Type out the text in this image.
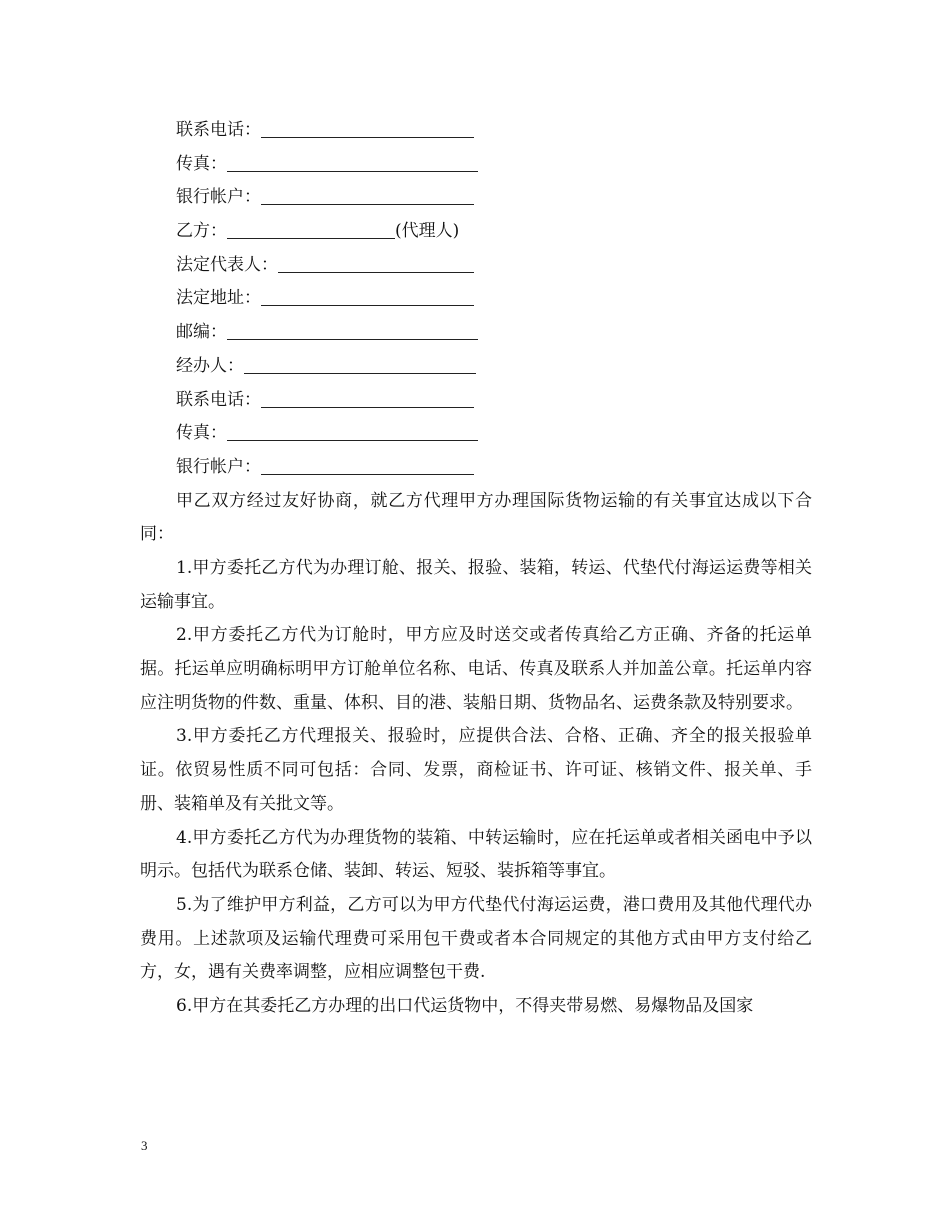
联系电话：
传真：
银行帐户：
乙方：	(代理人)
法定代表人：
法定地址：
邮编：
经办人：
联系电话：
传真：
银行帐户：

甲乙双方经过友好协商，就乙方代理甲方办理国际货物运输的有关事宜达成以下合同：

1.甲方委托乙方代为办理订舱、报关、报验、装箱，转运、代垫代付海运运费等相关运输事宜。

2.甲方委托乙方代为订舱时，甲方应及时送交或者传真给乙方正确、齐备的托运单据。托运单应明确标明甲方订舱单位名称、电话、传真及联系人并加盖公章。托运单内容应注明货物的件数、重量、体积、目的港、装船日期、货物品名、运费条款及特别要求。

3.甲方委托乙方代理报关、报验时，应提供合法、合格、正确、齐全的报关报验单证。依贸易性质不同可包括：合同、发票，商检证书、许可证、核销文件、报关单、手册、装箱单及有关批文等。

4.甲方委托乙方代为办理货物的装箱、中转运输时，应在托运单或者相关函电中予以明示。包括代为联系仓储、装卸、转运、短驳、装拆箱等事宜。

5.为了维护甲方利益，乙方可以为甲方代垫代付海运运费，港口费用及其他代理代办费用。上述款项及运输代理费可采用包干费或者本合同规定的其他方式由甲方支付给乙方，女，遇有关费率调整，应相应调整包干费.

6.甲方在其委托乙方办理的出口代运货物中，不得夹带易燃、易爆物品及国家

3
